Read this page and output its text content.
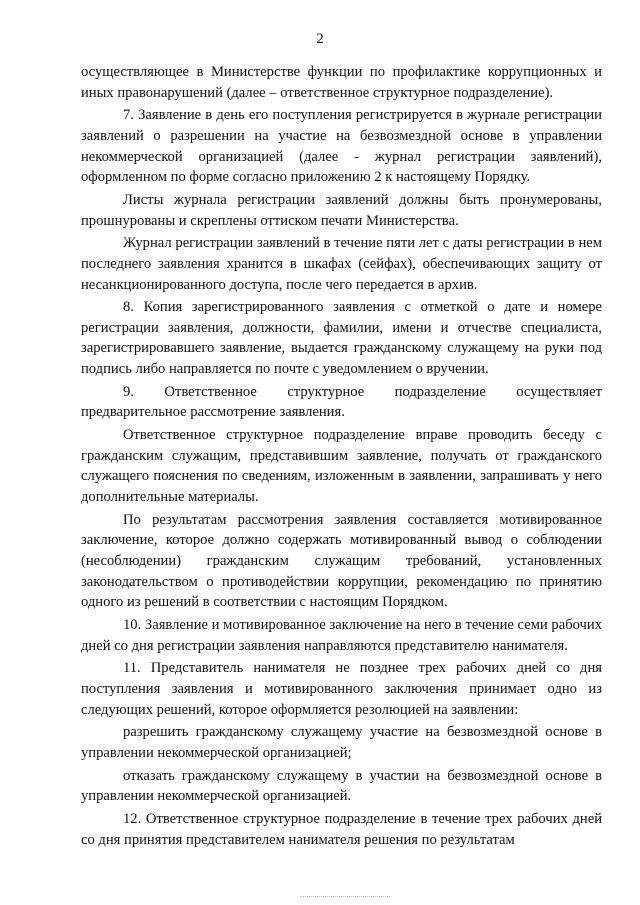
2

осуществляющее в Министерстве функции по профилактике коррупционных и иных правонарушений (далее – ответственное структурное подразделение).

7. Заявление в день его поступления регистрируется в журнале регистрации заявлений о разрешении на участие на безвозмездной основе в управлении некоммерческой организацией (далее - журнал регистрации заявлений), оформленном по форме согласно приложению 2 к настоящему Порядку.

Листы журнала регистрации заявлений должны быть пронумерованы, прошнурованы и скреплены оттиском печати Министерства.

Журнал регистрации заявлений в течение пяти лет с даты регистрации в нем последнего заявления хранится в шкафах (сейфах), обеспечивающих защиту от несанкционированного доступа, после чего передается в архив.

8. Копия зарегистрированного заявления с отметкой о дате и номере регистрации заявления, должности, фамилии, имени и отчестве специалиста, зарегистрировавшего заявление, выдается гражданскому служащему на руки под подпись либо направляется по почте с уведомлением о вручении.

9. Ответственное структурное подразделение осуществляет предварительное рассмотрение заявления.

Ответственное структурное подразделение вправе проводить беседу с гражданским служащим, представившим заявление, получать от гражданского служащего пояснения по сведениям, изложенным в заявлении, запрашивать у него дополнительные материалы.

По результатам рассмотрения заявления составляется мотивированное заключение, которое должно содержать мотивированный вывод о соблюдении (несоблюдении) гражданским служащим требований, установленных законодательством о противодействии коррупции, рекомендацию по принятию одного из решений в соответствии с настоящим Порядком.

10. Заявление и мотивированное заключение на него в течение семи рабочих дней со дня регистрации заявления направляются представителю нанимателя.

11. Представитель нанимателя не позднее трех рабочих дней со дня поступления заявления и мотивированного заключения принимает одно из следующих решений, которое оформляется резолюцией на заявлении:

разрешить гражданскому служащему участие на безвозмездной основе в управлении некоммерческой организацией;

отказать гражданскому служащему в участии на безвозмездной основе в управлении некоммерческой организацией.

12. Ответственное структурное подразделение в течение трех рабочих дней со дня принятия представителем нанимателя решения по результатам
